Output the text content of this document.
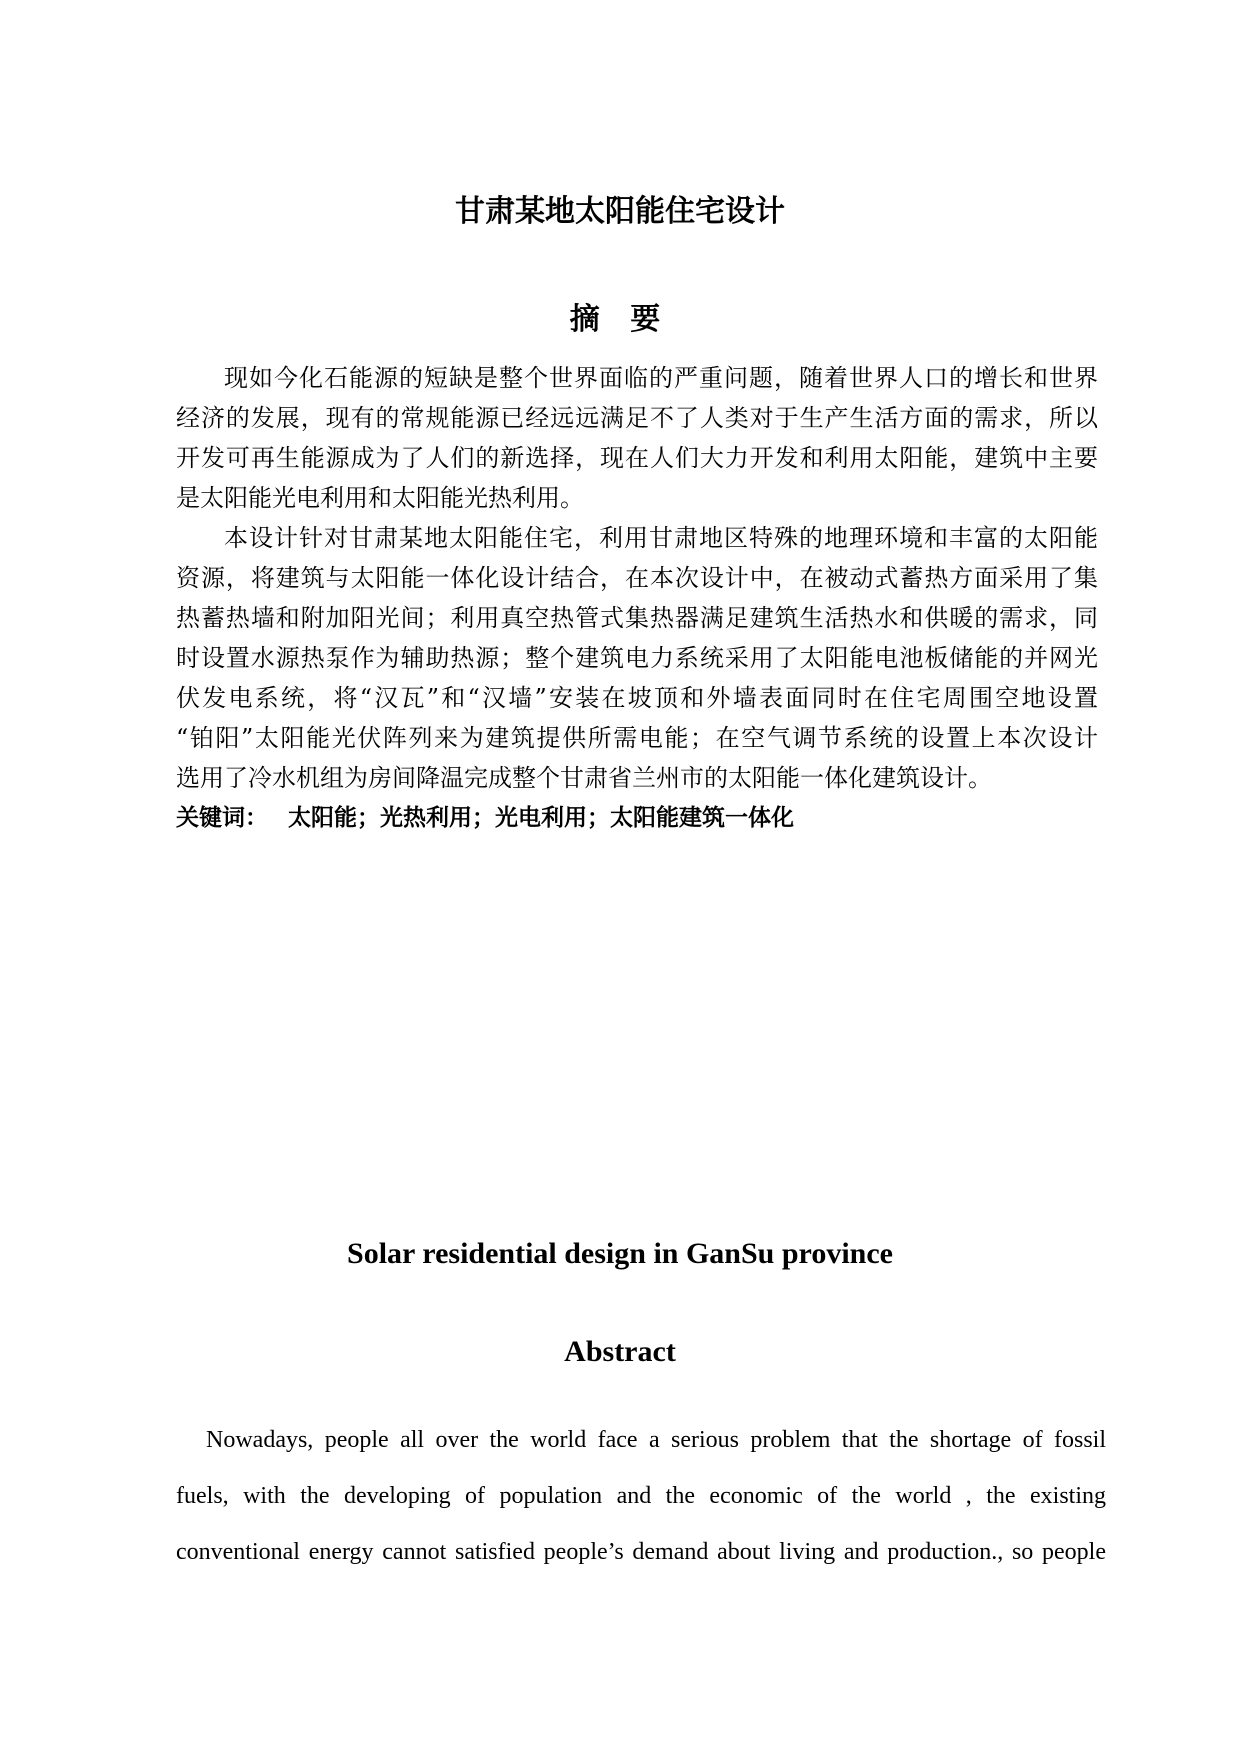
甘肃某地太阳能住宅设计
摘 要
现如今化石能源的短缺是整个世界面临的严重问题，随着世界人口的增长和世界
经济的发展，现有的常规能源已经远远满足不了人类对于生产生活方面的需求，所以
开发可再生能源成为了人们的新选择，现在人们大力开发和利用太阳能，建筑中主要
是太阳能光电利用和太阳能光热利用。
本设计针对甘肃某地太阳能住宅，利用甘肃地区特殊的地理环境和丰富的太阳能
资源，将建筑与太阳能一体化设计结合，在本次设计中，在被动式蓄热方面采用了集
热蓄热墙和附加阳光间；利用真空热管式集热器满足建筑生活热水和供暖的需求，同
时设置水源热泵作为辅助热源；整个建筑电力系统采用了太阳能电池板储能的并网光
伏发电系统，将“汉瓦”和“汉墙”安装在坡顶和外墙表面同时在住宅周围空地设置
“铂阳”太阳能光伏阵列来为建筑提供所需电能；在空气调节系统的设置上本次设计
选用了冷水机组为房间降温完成整个甘肃省兰州市的太阳能一体化建筑设计。
关键词： 太阳能；光热利用；光电利用；太阳能建筑一体化
Solar residential design in GanSu province
Abstract
Nowadays, people all over the world face a serious problem that the shortage of fossil
fuels, with the developing of population and the economic of the world , the existing
conventional energy cannot satisfied people’s demand about living and production., so people
